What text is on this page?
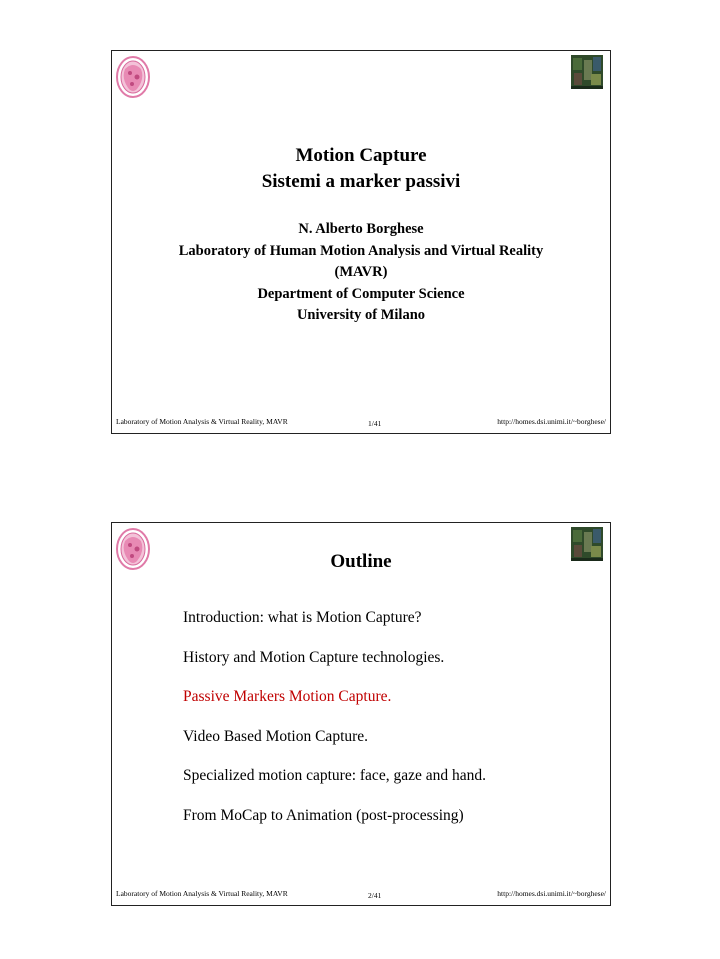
Motion Capture
Sistemi a marker passivi
N. Alberto Borghese
Laboratory of Human Motion Analysis and Virtual Reality
(MAVR)
Department of Computer Science
University of Milano
Laboratory of Motion Analysis & Virtual Reality, MAVR	1/41	http://homes.dsi.unimi.it/~borghese/
Outline
Introduction: what is Motion Capture?
History and Motion Capture technologies.
Passive Markers Motion Capture.
Video Based Motion Capture.
Specialized motion capture: face, gaze and hand.
From MoCap to Animation (post-processing)
Laboratory of Motion Analysis & Virtual Reality, MAVR	2/41	http://homes.dsi.unimi.it/~borghese/
